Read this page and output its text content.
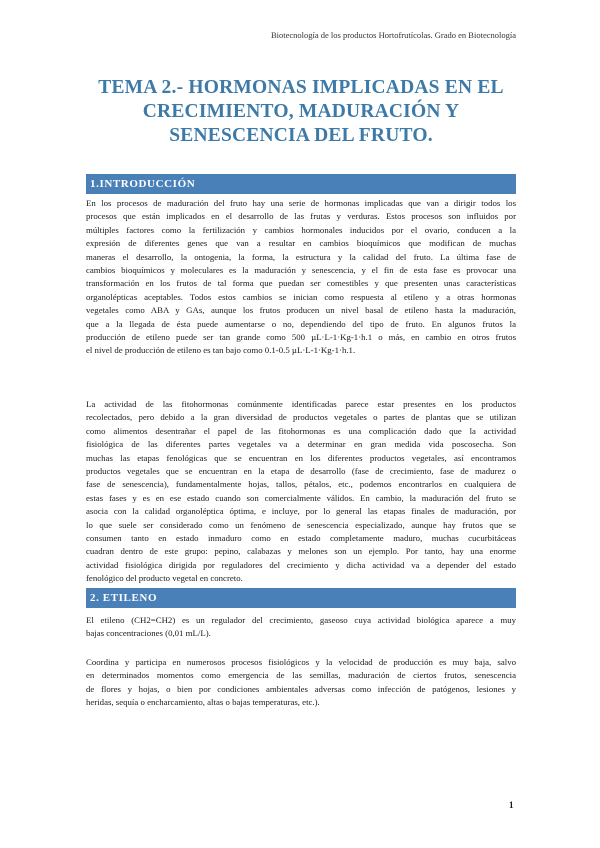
Biotecnología de los productos Hortofrutícolas. Grado en Biotecnología
TEMA 2.- HORMONAS IMPLICADAS EN EL
CRECIMIENTO, MADURACIÓN Y
SENESCENCIA DEL FRUTO.
1.INTRODUCCIÓN
En los procesos de maduración del fruto hay una serie de hormonas implicadas que van a dirigir todos los
procesos que están implicados en el desarrollo de las frutas y verduras. Estos procesos son influidos por
múltiples factores como la fertilización y cambios hormonales inducidos por el ovario, conducen a la
expresión de diferentes genes que van a resultar en cambios bioquímicos que modifican de muchas
maneras el desarrollo, la ontogenia, la forma, la estructura y la calidad del fruto. La última fase de
cambios bioquímicos y moleculares es la maduración y senescencia, y el fin de esta fase es provocar una
transformación en los frutos de tal forma que puedan ser comestibles y que presenten unas características
organolépticas aceptables. Todos estos cambios se inician como respuesta al etileno y a otras hormonas
vegetales como ABA y GAs, aunque los frutos producen un nivel basal de etileno hasta la maduración,
que a la llegada de ésta puede aumentarse o no, dependiendo del tipo de fruto. En algunos frutos la
producción de etileno puede ser tan grande como 500 µL·L-1·Kg-1·h.1 o más, en cambio en otros frutos
el nivel de producción de etileno es tan bajo como 0.1-0.5 µL·L-1·Kg-1·h.1.
La actividad de las fitohormonas comúnmente identificadas parece estar presentes en los productos
recolectados, pero debido a la gran diversidad de productos vegetales o partes de plantas que se utilizan
como alimentos desentrañar el papel de las fitohormonas es una complicación dado que la actividad
fisiológica de las diferentes partes vegetales va a determinar en gran medida vida poscosecha. Son
muchas las etapas fenológicas que se encuentran en los diferentes productos vegetales, así encontramos
productos vegetales que se encuentran en la etapa de desarrollo (fase de crecimiento, fase de madurez o
fase de senescencia), fundamentalmente hojas, tallos, pétalos, etc., podemos encontrarlos en cualquiera de
estas fases y es en ese estado cuando son comercialmente válidos. En cambio, la maduración del fruto se
asocia con la calidad organoléptica óptima, e incluye, por lo general las etapas finales de maduración, por
lo que suele ser considerado como un fenómeno de senescencia especializado, aunque hay frutos que se
consumen tanto en estado inmaduro como en estado completamente maduro, muchas cucurbitáceas
cuadran dentro de este grupo: pepino, calabazas y melones son un ejemplo. Por tanto, hay una enorme
actividad fisiológica dirigida por reguladores del crecimiento y dicha actividad va a depender del estado
fenológico del producto vegetal en concreto.
2. ETILENO
El etileno (CH2=CH2) es un regulador del crecimiento, gaseoso cuya actividad biológica aparece a muy
bajas concentraciones (0,01 mL/L).
Coordina y participa en numerosos procesos fisiológicos y la velocidad de producción es muy baja, salvo
en determinados momentos como emergencia de las semillas, maduración de ciertos frutos, senescencia
de flores y hojas, o bien por condiciones ambientales adversas como infección de patógenos, lesiones y
heridas, sequía o encharcamiento, altas o bajas temperaturas, etc.).
1
